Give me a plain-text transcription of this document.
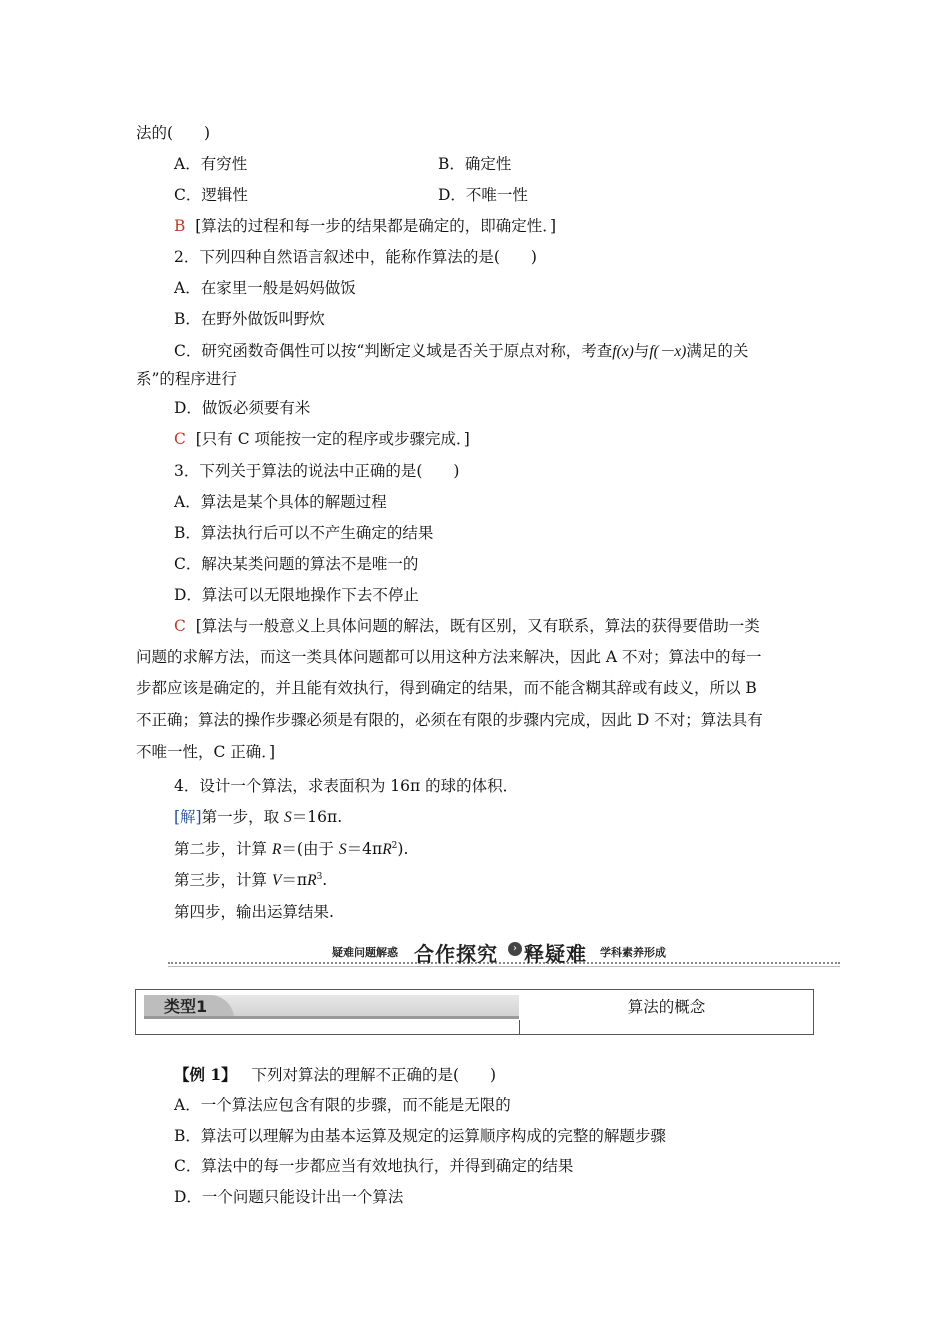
法的(　　)
A．有穷性	B．确定性
C．逻辑性	D．不唯一性
B [算法的过程和每一步的结果都是确定的，即确定性．]
2．下列四种自然语言叙述中，能称作算法的是(　　)
A．在家里一般是妈妈做饭
B．在野外做饭叫野炊
C．研究函数奇偶性可以按“判断定义域是否关于原点对称，考查f(x)与f(－x)满足的关
系”的程序进行
D．做饭必须要有米
C [只有 C 项能按一定的程序或步骤完成．]
3．下列关于算法的说法中正确的是(　　)
A．算法是某个具体的解题过程
B．算法执行后可以不产生确定的结果
C．解决某类问题的算法不是唯一的
D．算法可以无限地操作下去不停止
C [算法与一般意义上具体问题的解法，既有区别，又有联系，算法的获得要借助一类
问题的求解方法，而这一类具体问题都可以用这种方法来解决，因此 A 不对；算法中的每一
步都应该是确定的，并且能有效执行，得到确定的结果，而不能含糊其辞或有歧义，所以 B
不正确；算法的操作步骤必须是有限的，必须在有限的步骤内完成，因此 D 不对；算法具有
不唯一性，C 正确．]
4．设计一个算法，求表面积为 16π 的球的体积．
[解]第一步，取 S＝16π.
第二步，计算 R＝(由于 $S=4\pi R^2$).
第三步，计算 $V=\pi R^3$.
第四步，输出运算结果.
疑难问题解惑 合作探究	› 释疑难 学科素养形成
类型1	算法的概念
【例 1】 下列对算法的理解不正确的是(　　)
A．一个算法应包含有限的步骤，而不能是无限的
B．算法可以理解为由基本运算及规定的运算顺序构成的完整的解题步骤
C．算法中的每一步都应当有效地执行，并得到确定的结果
D．一个问题只能设计出一个算法
